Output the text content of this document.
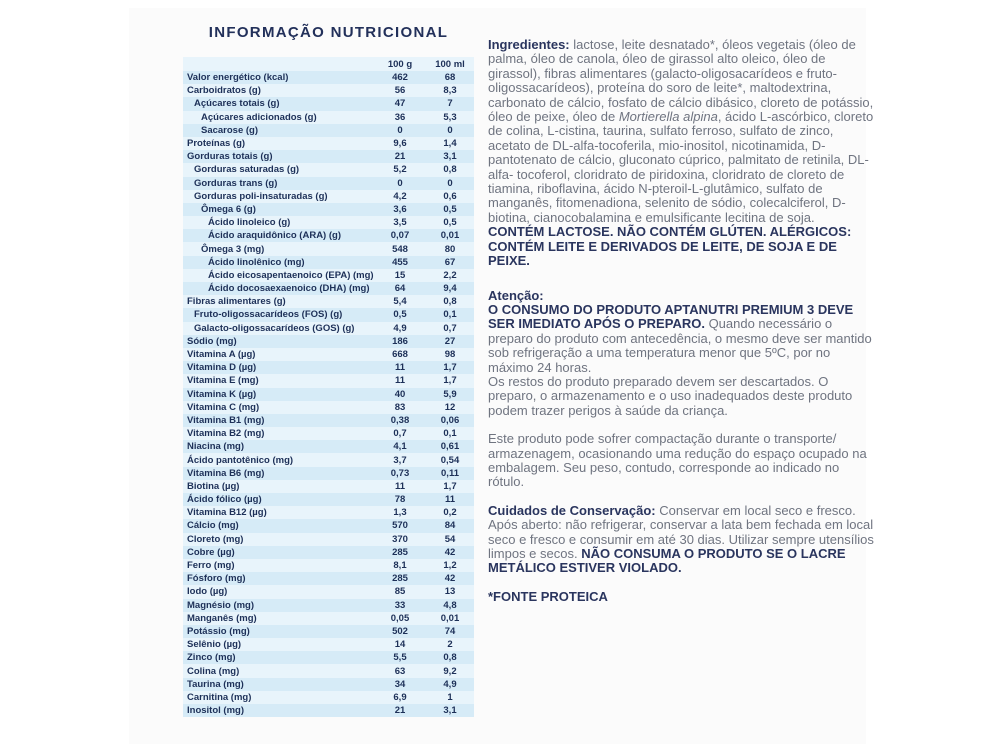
INFORMAÇÃO NUTRICIONAL
100 g	100 ml
Valor energético (kcal)	462	68
Carboidratos (g)	56	8,3
Açúcares totais (g)	47	7
Açúcares adicionados (g)	36	5,3
Sacarose (g)	0	0
Proteínas (g)	9,6	1,4
Gorduras totais (g)	21	3,1
Gorduras saturadas (g)	5,2	0,8
Gorduras trans (g)	0	0
Gorduras poli-insaturadas (g)	4,2	0,6
Ômega 6 (g)	3,6	0,5
Ácido linoleico (g)	3,5	0,5
Ácido araquidônico (ARA) (g)	0,07	0,01
Ômega 3 (mg)	548	80
Ácido linolênico (mg)	455	67
Ácido eicosapentaenoico (EPA) (mg)	15	2,2
Ácido docosaexaenoico (DHA) (mg)	64	9,4
Fibras alimentares (g)	5,4	0,8
Fruto-oligossacarídeos (FOS) (g)	0,5	0,1
Galacto-oligossacarídeos (GOS) (g)	4,9	0,7
Sódio (mg)	186	27
Vitamina A (µg)	668	98
Vitamina D (µg)	11	1,7
Vitamina E (mg)	11	1,7
Vitamina K (µg)	40	5,9
Vitamina C (mg)	83	12
Vitamina B1 (mg)	0,38	0,06
Vitamina B2 (mg)	0,7	0,1
Niacina (mg)	4,1	0,61
Ácido pantotênico (mg)	3,7	0,54
Vitamina B6 (mg)	0,73	0,11
Biotina (µg)	11	1,7
Ácido fólico (µg)	78	11
Vitamina B12 (µg)	1,3	0,2
Cálcio (mg)	570	84
Cloreto (mg)	370	54
Cobre (µg)	285	42
Ferro (mg)	8,1	1,2
Fósforo (mg)	285	42
Iodo (µg)	85	13
Magnésio (mg)	33	4,8
Manganês (mg)	0,05	0,01
Potássio (mg)	502	74
Selênio (µg)	14	2
Zinco (mg)	5,5	0,8
Colina (mg)	63	9,2
Taurina (mg)	34	4,9
Carnitina (mg)	6,9	1
Inositol (mg)	21	3,1

Ingredientes: lactose, leite desnatado*, óleos vegetais (óleo de palma, óleo de canola, óleo de girassol alto oleico, óleo de girassol), fibras alimentares (galacto-oligosacarídeos e fruto-oligossacarídeos), proteína do soro de leite*, maltodextrina, carbonato de cálcio, fosfato de cálcio dibásico, cloreto de potássio, óleo de peixe, óleo de Mortierella alpina, ácido L-ascórbico, cloreto de colina, L-cistina, taurina, sulfato ferroso, sulfato de zinco, acetato de DL-alfa-tocoferila, mio-inositol, nicotinamida, D-pantotenato de cálcio, gluconato cúprico, palmitato de retinila, DL-alfa- tocoferol, cloridrato de piridoxina, cloridrato de cloreto de tiamina, riboflavina, ácido N-pteroil-L-glutâmico, sulfato de manganês, fitomenadiona, selenito de sódio, colecalciferol, D-biotina, cianocobalamina e emulsificante lecitina de soja. CONTÉM LACTOSE. NÃO CONTÉM GLÚTEN. ALÉRGICOS: CONTÉM LEITE E DERIVADOS DE LEITE, DE SOJA E DE PEIXE.

Atenção:

O CONSUMO DO PRODUTO APTANUTRI PREMIUM 3 DEVE SER IMEDIATO APÓS O PREPARO. Quando necessário o preparo do produto com antecedência, o mesmo deve ser mantido sob refrigeração a uma temperatura menor que 5ºC, por no máximo 24 horas.

Os restos do produto preparado devem ser descartados. O preparo, o armazenamento e o uso inadequados deste produto podem trazer perigos à saúde da criança.

Este produto pode sofrer compactação durante o transporte/ armazenagem, ocasionando uma redução do espaço ocupado na embalagem. Seu peso, contudo, corresponde ao indicado no rótulo.

Cuidados de Conservação: Conservar em local seco e fresco. Após aberto: não refrigerar, conservar a lata bem fechada em local seco e fresco e consumir em até 30 dias. Utilizar sempre utensílios limpos e secos. NÃO CONSUMA O PRODUTO SE O LACRE METÁLICO ESTIVER VIOLADO.

*FONTE PROTEICA
